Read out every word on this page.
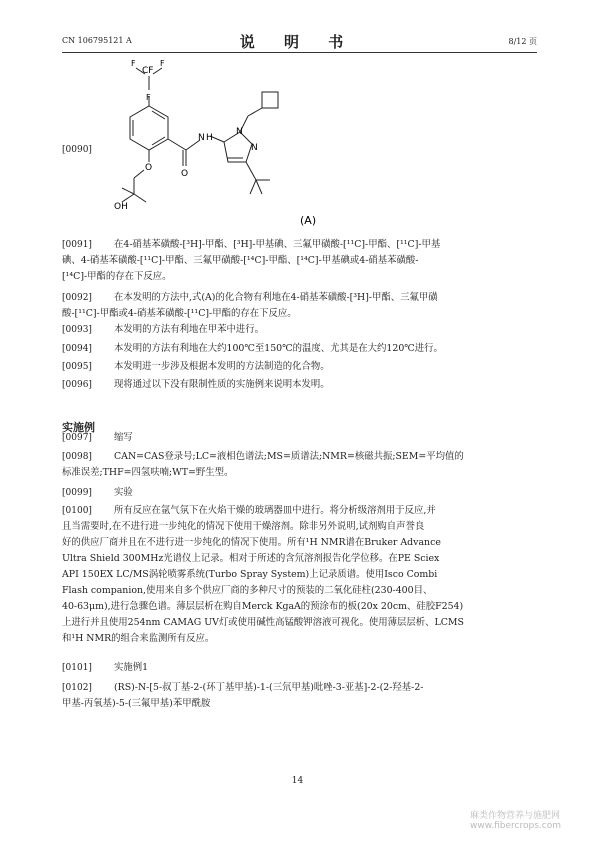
CN 106795121 A	说 明 书	8/12 页
[0090]
CF
F	F
F
N H
O
O
N
N
OH
(A)
[0091] 在4-硝基苯磺酸-[³H]-甲酯、[³H]-甲基碘、三氟甲磺酸-[¹¹C]-甲酯、[¹¹C]-甲基
碘、4-硝基苯磺酸-[¹¹C]-甲酯、三氟甲磺酸-[¹⁴C]-甲酯、[¹⁴C]-甲基碘或4-硝基苯磺酸-
[¹⁴C]-甲酯的存在下反应。
[0092] 在本发明的方法中,式(A)的化合物有利地在4-硝基苯磺酸-[³H]-甲酯、三氟甲磺
酸-[¹¹C]-甲酯或4-硝基苯磺酸-[¹¹C]-甲酯的存在下反应。
[0093] 本发明的方法有利地在甲苯中进行。
[0094] 本发明的方法有利地在大约100℃至150℃的温度、尤其是在大约120℃进行。
[0095] 本发明进一步涉及根据本发明的方法制造的化合物。
[0096] 现将通过以下没有限制性质的实施例来说明本发明。
实施例
[0097] 缩写
[0098] CAN=CAS登录号;LC=液相色谱法;MS=质谱法;NMR=核磁共振;SEM=平均值的
标准误差;THF=四氢呋喃;WT=野生型。
[0099] 实验
[0100] 所有反应在氩气氛下在火焰干燥的玻璃器皿中进行。将分析级溶剂用于反应,并
且当需要时,在不进行进一步纯化的情况下使用干燥溶剂。除非另外说明,试剂购自声誉良
好的供应厂商并且在不进行进一步纯化的情况下使用。所有¹H NMR谱在Bruker Advance
Ultra Shield 300MHz光谱仪上记录。相对于所述的含氘溶剂报告化学位移。在PE Sciex
API 150EX LC/MS涡轮喷雾系统(Turbo Spray System)上记录质谱。使用Isco Combi
Flash companion,使用来自多个供应厂商的多种尺寸的预装的二氧化硅柱(230-400目、
40-63μm),进行急骤色谱。薄层层析在购自Merck KgaA的预涂布的板(20x 20cm、硅胶F254)
上进行并且使用254nm CAMAG UV灯或使用碱性高锰酸钾溶液可视化。使用薄层层析、LCMS
和¹H NMR的组合来监测所有反应。
[0101] 实施例1
[0102] (RS)-N-[5-叔丁基-2-(环丁基甲基)-1-(三氘甲基)吡唑-3-亚基]-2-(2-羟基-2-
甲基-丙氧基)-5-(三氟甲基)苯甲酰胺
14
麻类作物营养与施肥网
www.fibercrops.com
